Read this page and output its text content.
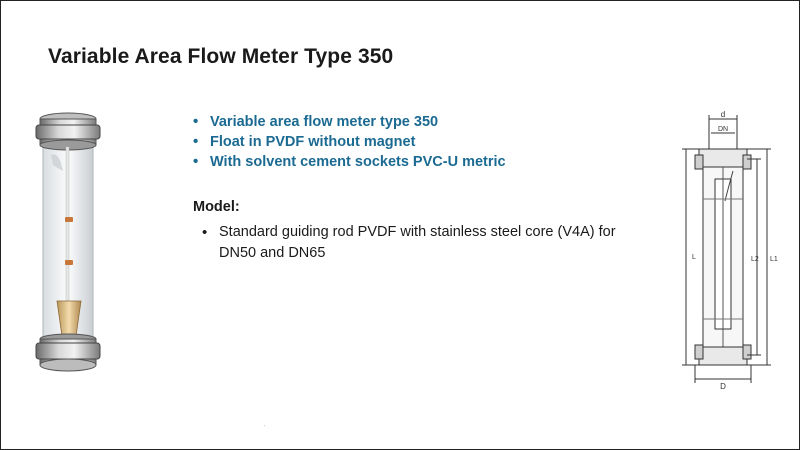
Variable Area Flow Meter Type 350
• Variable area flow meter type 350
• Float in PVDF without magnet
• With solvent cement sockets PVC-U metric
Model:
• Standard guiding rod PVDF with stainless steel core (V4A) for DN50 and DN65
d
DN
L	L2 L1
D
'
